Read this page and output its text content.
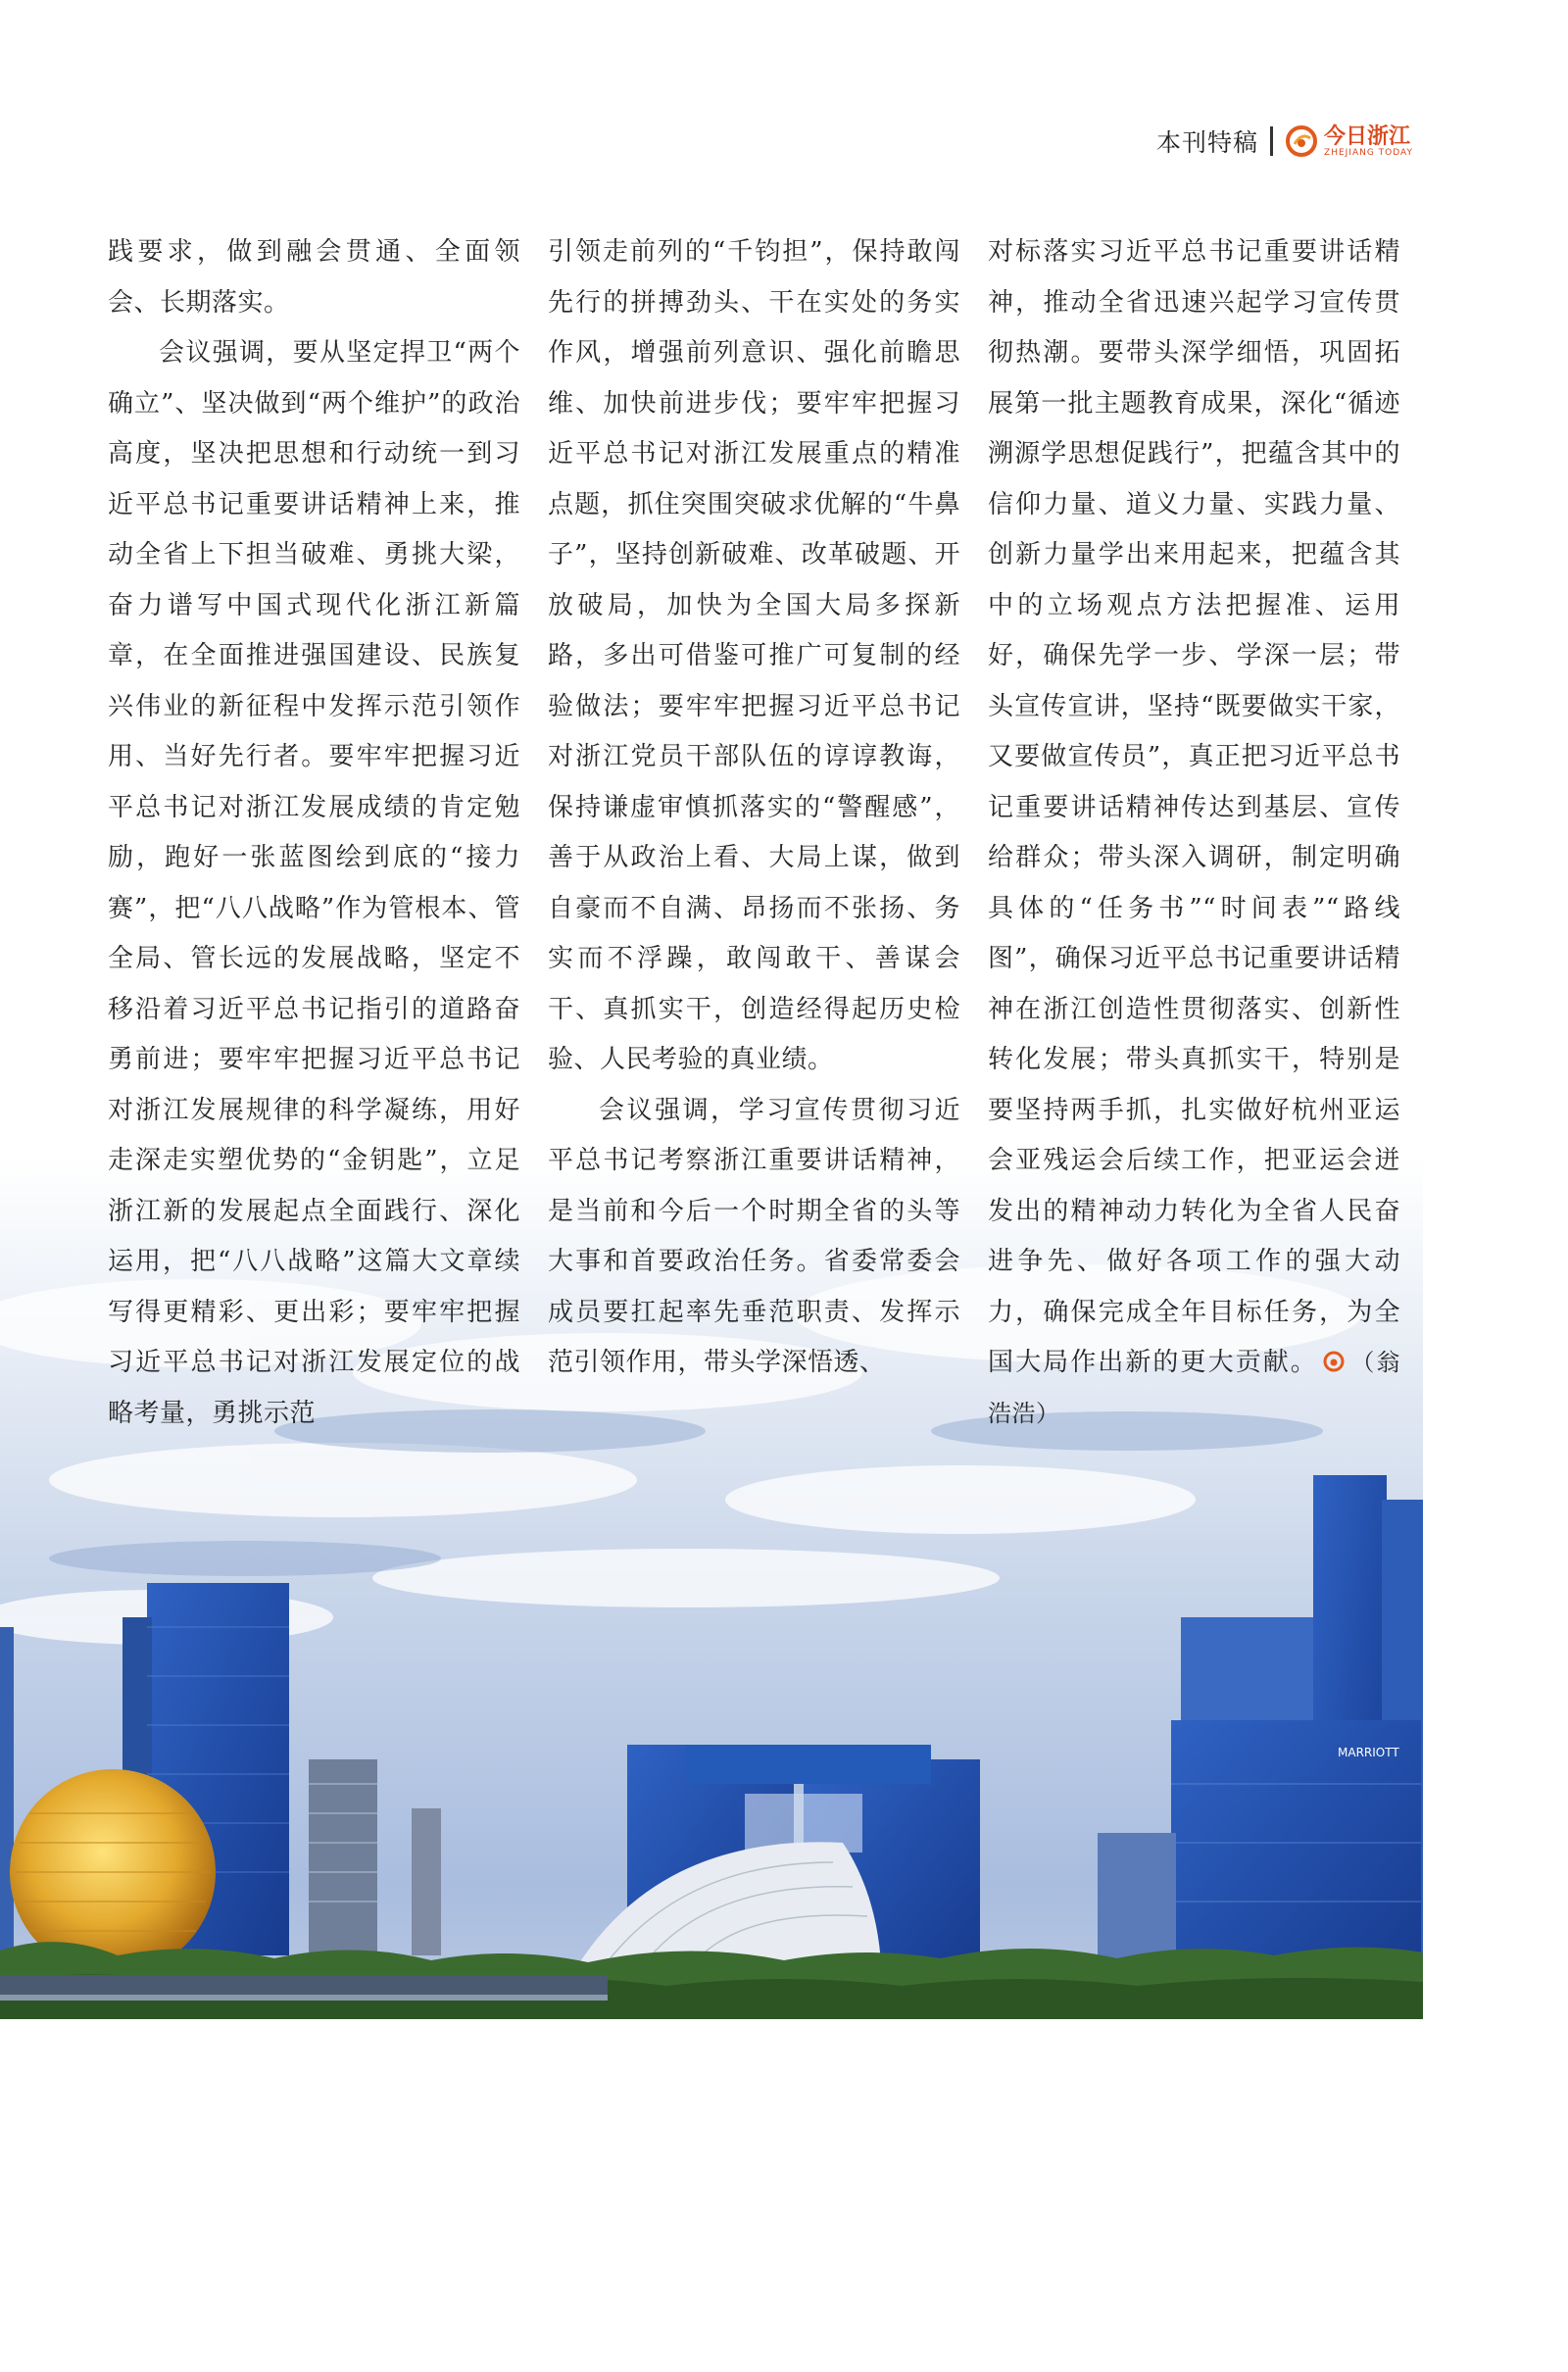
本刊特稿	今日浙江
ZHEJIANG TODAY
MARRIOTT

践要求，做到融会贯通、全面领会、长期落实。

会议强调，要从坚定捍卫“两个确立”、坚决做到“两个维护”的政治高度，坚决把思想和行动统一到习近平总书记重要讲话精神上来，推动全省上下担当破难、勇挑大梁，奋力谱写中国式现代化浙江新篇章，在全面推进强国建设、民族复兴伟业的新征程中发挥示范引领作用、当好先行者。要牢牢把握习近平总书记对浙江发展成绩的肯定勉励，跑好一张蓝图绘到底的“接力赛”，把“八八战略”作为管根本、管全局、管长远的发展战略，坚定不移沿着习近平总书记指引的道路奋勇前进；要牢牢把握习近平总书记对浙江发展规律的科学凝练，用好走深走实塑优势的“金钥匙”，立足浙江新的发展起点全面践行、深化运用，把“八八战略”这篇大文章续写得更精彩、更出彩；要牢牢把握习近平总书记对浙江发展定位的战略考量，勇挑示范

引领走前列的“千钧担”，保持敢闯先行的拼搏劲头、干在实处的务实作风，增强前列意识、强化前瞻思维、加快前进步伐；要牢牢把握习近平总书记对浙江发展重点的精准点题，抓住突围突破求优解的“牛鼻子”，坚持创新破难、改革破题、开放破局，加快为全国大局多探新路，多出可借鉴可推广可复制的经验做法；要牢牢把握习近平总书记对浙江党员干部队伍的谆谆教诲，保持谦虚审慎抓落实的“警醒感”，善于从政治上看、大局上谋，做到自豪而不自满、昂扬而不张扬、务实而不浮躁，敢闯敢干、善谋会干、真抓实干，创造经得起历史检验、人民考验的真业绩。

会议强调，学习宣传贯彻习近平总书记考察浙江重要讲话精神，是当前和今后一个时期全省的头等大事和首要政治任务。省委常委会成员要扛起率先垂范职责、发挥示范引领作用，带头学深悟透、

对标落实习近平总书记重要讲话精神，推动全省迅速兴起学习宣传贯彻热潮。要带头深学细悟，巩固拓展第一批主题教育成果，深化“循迹溯源学思想促践行”，把蕴含其中的信仰力量、道义力量、实践力量、创新力量学出来用起来，把蕴含其中的立场观点方法把握准、运用好，确保先学一步、学深一层；带头宣传宣讲，坚持“既要做实干家，又要做宣传员”，真正把习近平总书记重要讲话精神传达到基层、宣传给群众；带头深入调研，制定明确具体的“任务书”“时间表”“路线图”，确保习近平总书记重要讲话精神在浙江创造性贯彻落实、创新性转化发展；带头真抓实干，特别是要坚持两手抓，扎实做好杭州亚运会亚残运会后续工作，把亚运会迸发出的精神动力转化为全省人民奋进争先、做好各项工作的强大动力，确保完成全年目标任务，为全国大局作出新的更大贡献。 （翁浩浩）
